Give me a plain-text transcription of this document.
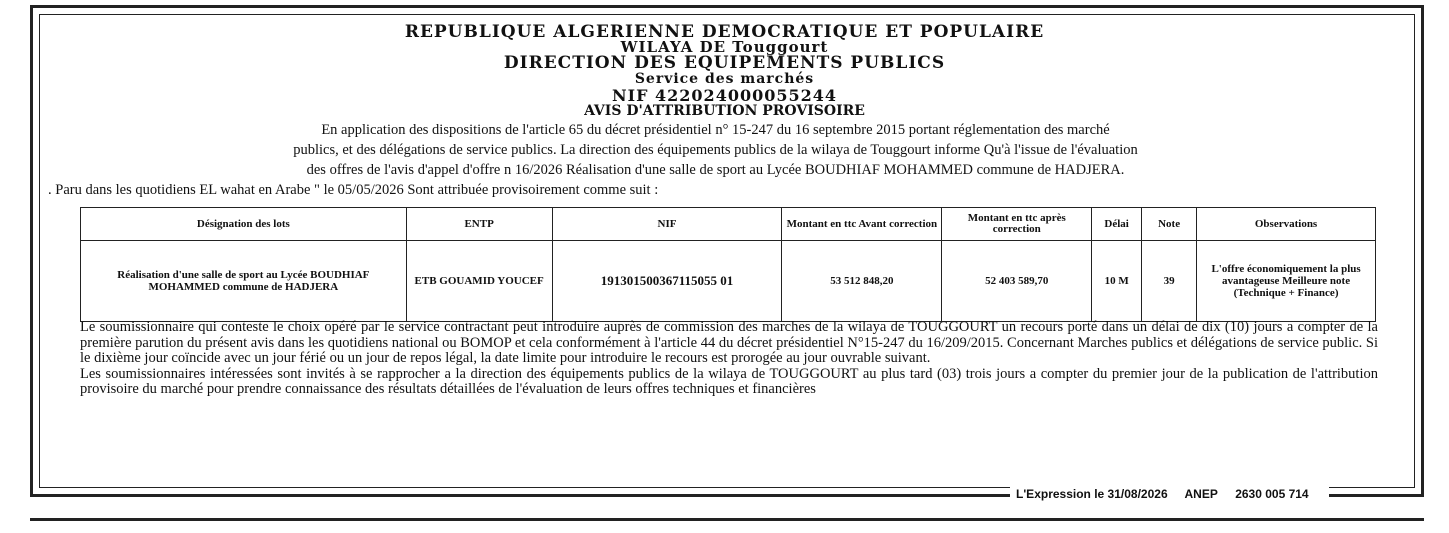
REPUBLIQUE ALGERIENNE DEMOCRATIQUE ET POPULAIRE
WILAYA DE Touggourt
DIRECTION DES EQUIPEMENTS PUBLICS
Service des marchés
NIF 422024000055244
AVIS D'ATTRIBUTION PROVISOIRE

En application des dispositions de l'article 65 du décret présidentiel n° 15-247 du 16 septembre 2015 portant réglementation des marché

publics, et des délégations de service publics. La direction des équipements publics de la wilaya de Touggourt informe Qu'à l'issue de l'évaluation

des offres de l'avis d'appel d'offre n 16/2026 Réalisation d'une salle de sport au Lycée BOUDHIAF MOHAMMED commune de HADJERA.

. Paru dans les quotidiens EL wahat en Arabe " le 05/05/2026 Sont attribuée provisoirement comme suit :

Désignation des lots	ENTP	NIF	Montant en ttc Avant correction	Montant en ttc après correction	Délai	Note	Observations
Réalisation d'une salle de sport au Lycée BOUDHIAF MOHAMMED commune de HADJERA	ETB GOUAMID YOUCEF	191301500367115055 01	53 512 848,20	52 403 589,70	10 M	39	L'offre économiquement la plus avantageuse Meilleure note (Technique + Finance)

Le soumissionnaire qui conteste le choix opéré par le service contractant peut introduire auprès de commission des marches de la wilaya de TOUGGOURT un recours porté dans un délai de dix (10) jours a compter de la première parution du présent avis dans les quotidiens national ou BOMOP et cela conformément à l'article 44 du décret présidentiel N°15-247 du 16/209/2015. Concernant Marches publics et délégations de service public. Si le dixième jour coïncide avec un jour férié ou un jour de repos légal, la date limite pour introduire le recours est prorogée au jour ouvrable suivant.

Les soumissionnaires intéressées sont invités à se rapprocher a la direction des équipements publics de la wilaya de TOUGGOURT au plus tard (03) trois jours a compter du premier jour de la publication de l'attribution provisoire du marché pour prendre connaissance des résultats détaillées de l'évaluation de leurs offres techniques et financières

L'Expression le 31/08/2026 ANEP 2630 005 714
